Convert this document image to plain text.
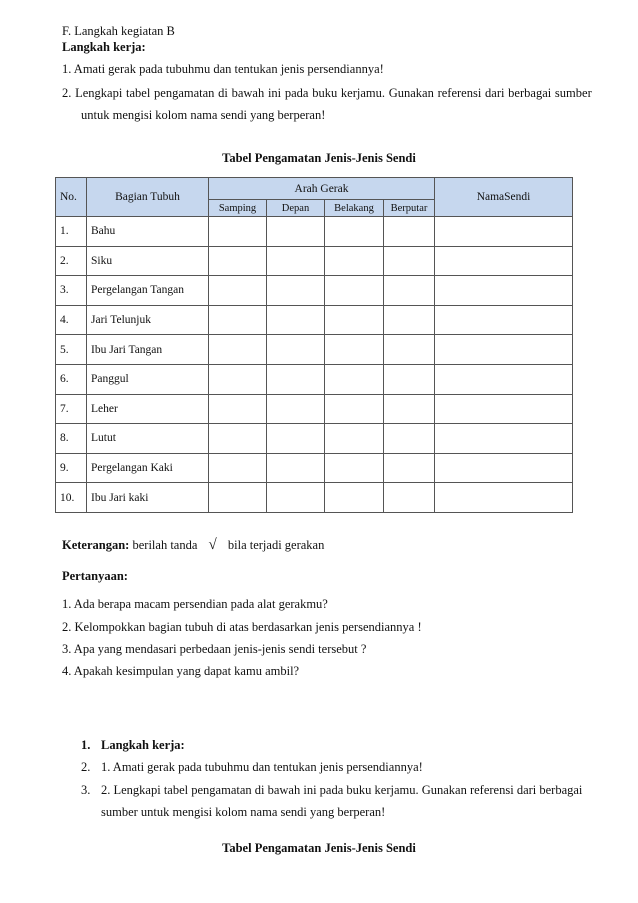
F. Langkah kegiatan B
Langkah kerja:
1. Amati gerak pada tubuhmu dan tentukan jenis persendiannya!
2. Lengkapi tabel pengamatan di bawah ini pada buku kerjamu. Gunakan referensi dari berbagai sumber
untuk mengisi kolom nama sendi yang berperan!
Tabel Pengamatan Jenis-Jenis Sendi
No.	Bagian Tubuh	Arah Gerak				NamaSendi
		Samping	Depan	Belakang	Berputar	
1.	Bahu					
2.	Siku					
3.	Pergelangan Tangan					
4.	Jari Telunjuk					
5.	Ibu Jari Tangan					
6.	Panggul					
7.	Leher					
8.	Lutut					
9.	Pergelangan Kaki					
10.	Ibu Jari kaki					
Keterangan: berilah tanda √ bila terjadi gerakan
Pertanyaan:
1. Ada berapa macam persendian pada alat gerakmu?
2. Kelompokkan bagian tubuh di atas berdasarkan jenis persendiannya !
3. Apa yang mendasari perbedaan jenis-jenis sendi tersebut ?
4. Apakah kesimpulan yang dapat kamu ambil?
1. Langkah kerja:
2. 1. Amati gerak pada tubuhmu dan tentukan jenis persendiannya!
3. 2. Lengkapi tabel pengamatan di bawah ini pada buku kerjamu. Gunakan referensi dari berbagai
sumber untuk mengisi kolom nama sendi yang berperan!
Tabel Pengamatan Jenis-Jenis Sendi
